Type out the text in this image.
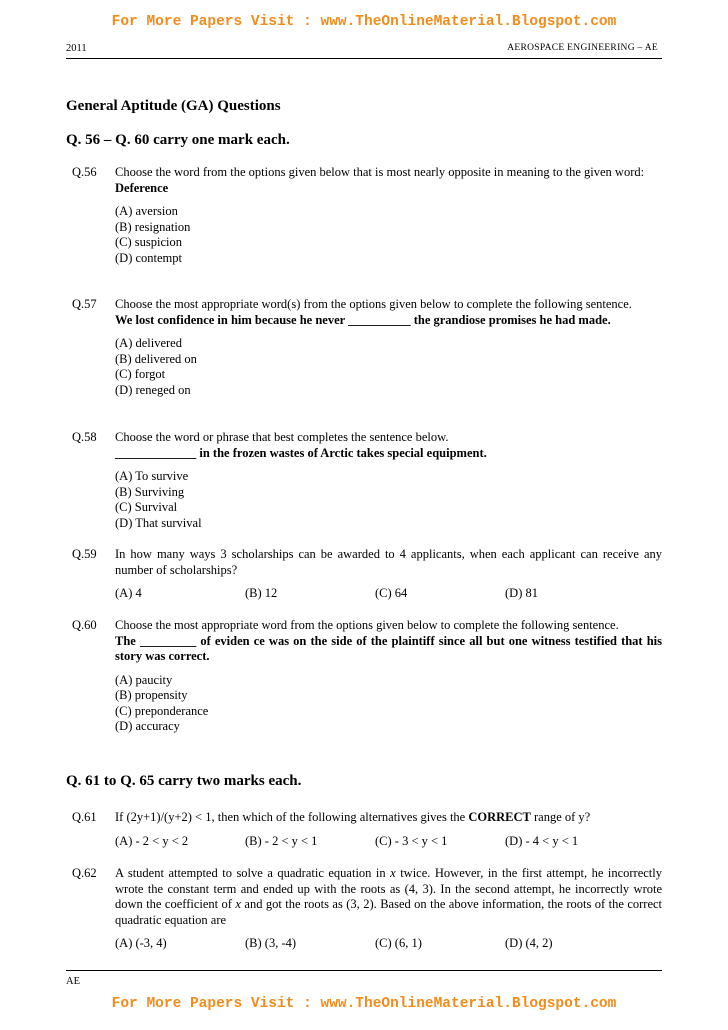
For More Papers Visit : www.TheOnlineMaterial.Blogspot.com
2011	AEROSPACE ENGINEERING – AE
General Aptitude (GA) Questions
Q. 56 – Q. 60 carry one mark each.
Q.56 Choose the word from the options given below that is most nearly opposite in meaning to the given word:
Deference
(A) aversion
(B) resignation
(C) suspicion
(D) contempt
Q.57 Choose the most appropriate word(s) from the options given below to complete the following sentence.
We lost confidence in him because he never __________ the grandiose promises he had made.
(A) delivered
(B) delivered on
(C) forgot
(D) reneged on
Q.58 Choose the word or phrase that best completes the sentence below.
_____________ in the frozen wastes of Arctic takes special equipment.
(A) To survive
(B) Surviving
(C) Survival
(D) That survival
Q.59 In how many ways 3 scholarships can be awarded to 4 applicants, when each applicant can receive any number of scholarships?
(A) 4	(B) 12	(C) 64	(D) 81
Q.60 Choose the most appropriate word from the options given below to complete the following sentence.
The _________ of eviden ce was on the side of the plaintiff since all but one witness testified that his story was correct.
(A) paucity
(B) propensity
(C) preponderance
(D) accuracy
Q. 61 to Q. 65 carry two marks each.
Q.61 If (2y+1)/(y+2) < 1, then which of the following alternatives gives the CORRECT range of y?
(A) - 2 < y < 2	(B) - 2 < y < 1	(C) - 3 < y < 1	(D) - 4 < y < 1
Q.62 A student attempted to solve a quadratic equation in x twice. However, in the first attempt, he incorrectly wrote the constant term and ended up with the roots as (4, 3). In the second attempt, he incorrectly wrote down the coefficient of x and got the roots as (3, 2). Based on the above information, the roots of the correct quadratic equation are
(A) (-3, 4)	(B) (3, -4)	(C) (6, 1)	(D) (4, 2)
AE
For More Papers Visit : www.TheOnlineMaterial.Blogspot.com
